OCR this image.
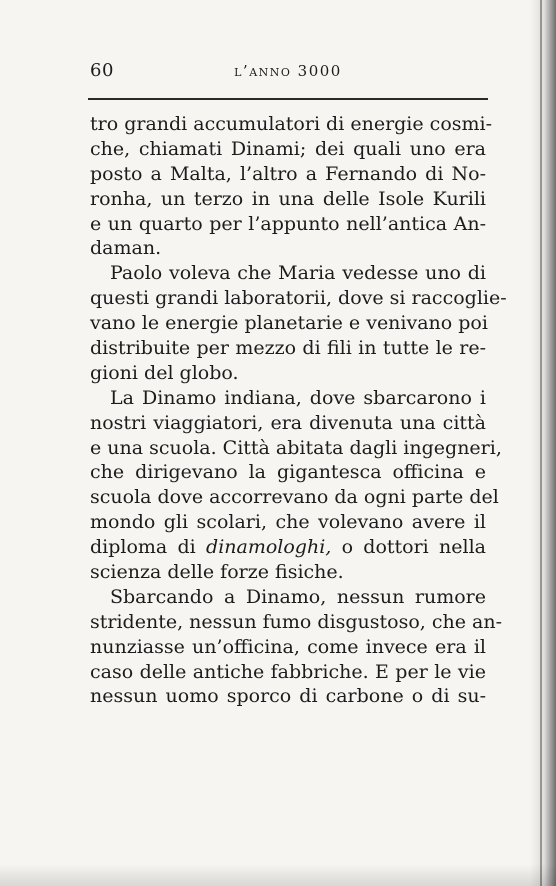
60	l’anno 3000
tro grandi accumulatori di energie cosmi-
che, chiamati Dinami; dei quali uno era
posto a Malta, l’altro a Fernando di No-
ronha, un terzo in una delle Isole Kurili
e un quarto per l’appunto nell’antica An-
daman.
Paolo voleva che Maria vedesse uno di
questi grandi laboratorii, dove si raccoglie-
vano le energie planetarie e venivano poi
distribuite per mezzo di fili in tutte le re-
gioni del globo.
La Dinamo indiana, dove sbarcarono i
nostri viaggiatori, era divenuta una città
e una scuola. Città abitata dagli ingegneri,
che dirigevano la gigantesca officina e
scuola dove accorrevano da ogni parte del
mondo gli scolari, che volevano avere il
diploma di dinamologhi, o dottori nella
scienza delle forze fisiche.
Sbarcando a Dinamo, nessun rumore
stridente, nessun fumo disgustoso, che an-
nunziasse un’officina, come invece era il
caso delle antiche fabbriche. E per le vie
nessun uomo sporco di carbone o di su-
